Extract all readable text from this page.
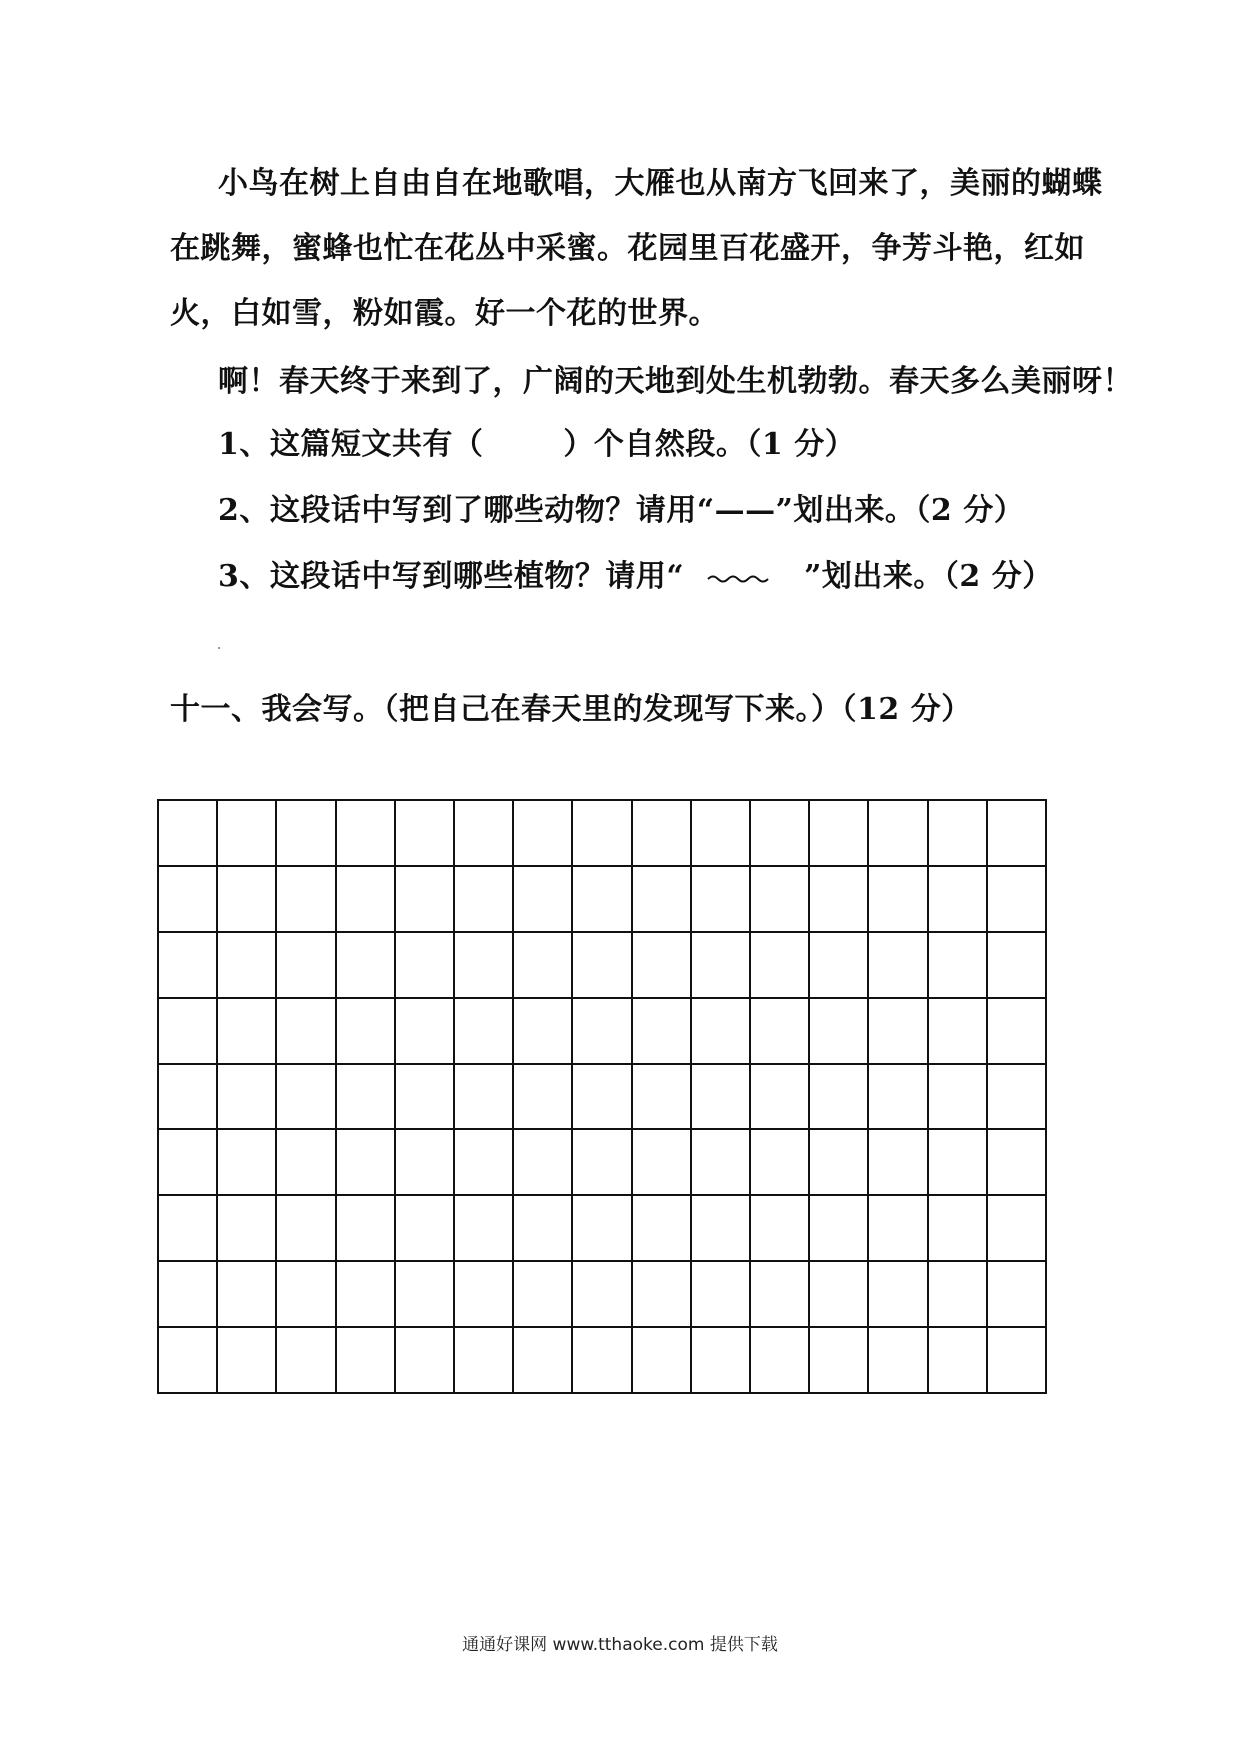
小鸟在树上自由自在地歌唱，大雁也从南方飞回来了，美丽的蝴蝶
在跳舞，蜜蜂也忙在花丛中采蜜。花园里百花盛开，争芳斗艳，红如
火，白如雪，粉如霞。好一个花的世界。
啊！春天终于来到了，广阔的天地到处生机勃勃。春天多么美丽呀！
1、这篇短文共有（	）个自然段。（1 分）
2、这段话中写到了哪些动物？请用“——”划出来。（2 分）
3、这段话中写到哪些植物？请用“	”划出来。（2 分）
十一、我会写。（把自己在春天里的发现写下来。）（12 分）
通通好课网 www.tthaoke.com 提供下载
